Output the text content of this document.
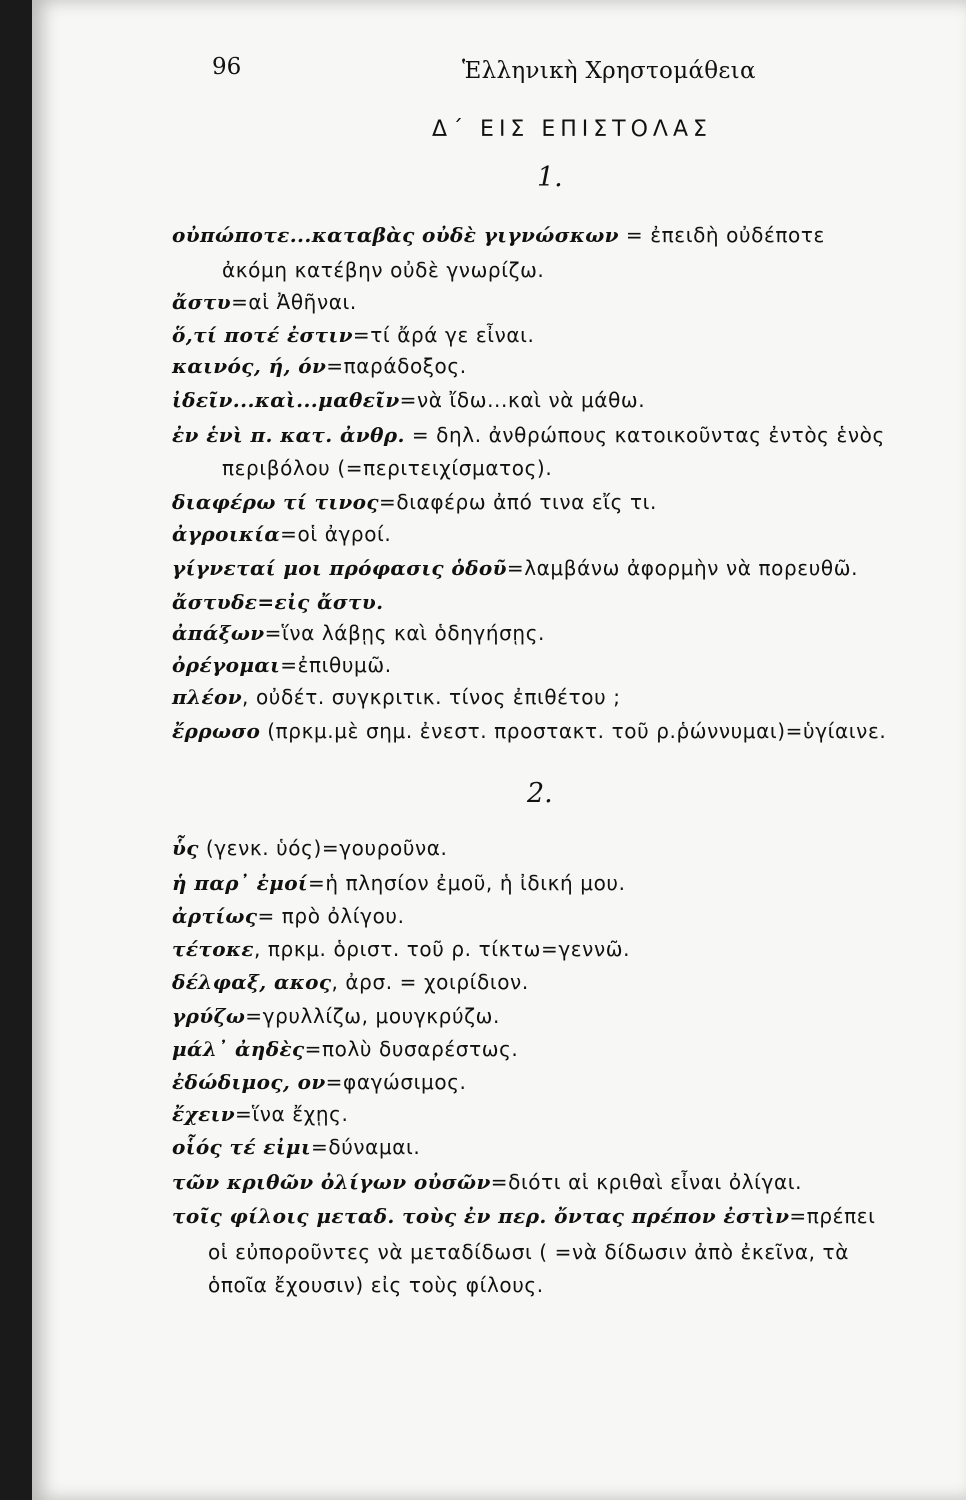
96	Ἑλληνικὴ Χρηστομάθεια
Δ΄ ΕΙΣ ΕΠΙΣΤΟΛΑΣ
1.
οὐπώποτε...καταβὰς οὐδὲ γιγνώσκων = ἐπειδὴ οὐδέποτε
ἀκόμη κατέβην οὐδὲ γνωρίζω.
ἄστυ=αἱ Ἀθῆναι.
ὅ,τί ποτέ ἐστιν=τί ἄρά γε εἶναι.
καινός, ή, όν=παράδοξος.
ἰδεῖν...καὶ...μαθεῖν=νὰ ἴδω...καὶ νὰ μάθω.
ἐν ἑνὶ π. κατ. ἀνθρ. = δηλ. ἀνθρώπους κατοικοῦντας ἐντὸς ἑνὸς
περιβόλου (=περιτειχίσματος).
διαφέρω τί τινος=διαφέρω ἀπό τινα εἴς τι.
ἀγροικία=οἱ ἀγροί.
γίγνεταί μοι πρόφασις ὁδοῦ=λαμβάνω ἀφορμὴν νὰ πορευθῶ.
ἄστυδε=εἰς ἄστυ.
ἀπάξων=ἵνα λάβῃς καὶ ὁδηγήσῃς.
ὀρέγομαι=ἐπιθυμῶ.
πλέον, οὐδέτ. συγκριτικ. τίνος ἐπιθέτου ;
ἔρρωσο (πρκμ.μὲ σημ. ἐνεστ. προστακτ. τοῦ ρ.ῥώννυμαι)=ὑγίαινε.
2.
ὗς (γενκ. ὑός)=γουροῦνα.
ἡ παρ᾽ ἐμοί=ἡ πλησίον ἐμοῦ, ἡ ἰδική μου.
ἀρτίως= πρὸ ὀλίγου.
τέτοκε, πρκμ. ὁριστ. τοῦ ρ. τίκτω=γεννῶ.
δέλφαξ, ακος, ἀρσ. = χοιρίδιον.
γρύζω=γρυλλίζω, μουγκρύζω.
μάλ᾽ ἀηδὲς=πολὺ δυσαρέστως.
ἐδώδιμος, ον=φαγώσιμος.
ἔχειν=ἵνα ἔχῃς.
οἷός τέ εἰμι=δύναμαι.
τῶν κριθῶν ὀλίγων οὐσῶν=διότι αἱ κριθαὶ εἶναι ὀλίγαι.
τοῖς φίλοις μεταδ. τοὺς ἐν περ. ὄντας πρέπον ἐστὶν=πρέπει
οἱ εὐποροῦντες νὰ μεταδίδωσι ( =νὰ δίδωσιν ἀπὸ ἐκεῖνα, τὰ
ὁποῖα ἔχουσιν) εἰς τοὺς φίλους.
